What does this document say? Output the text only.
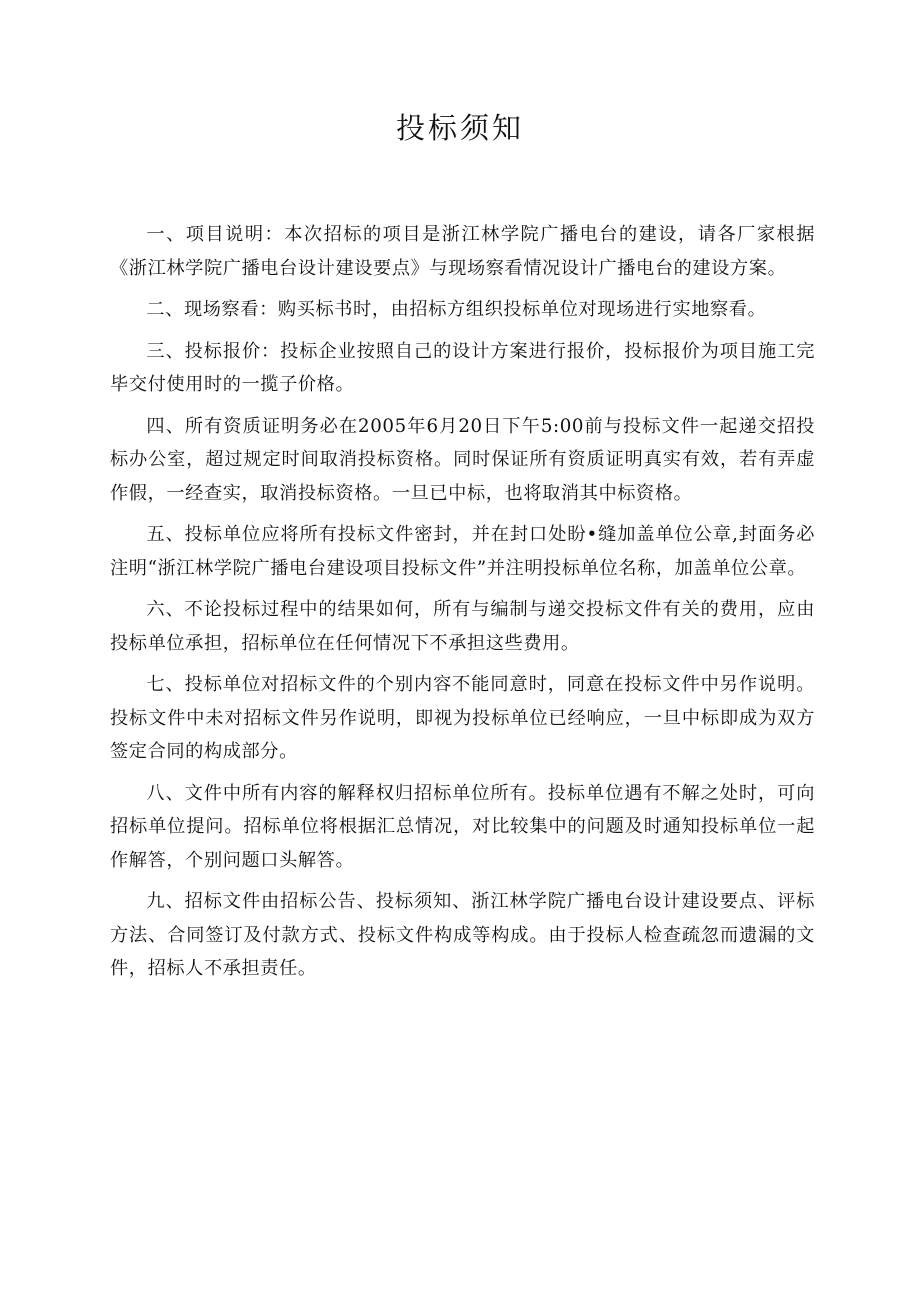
投标须知

一、项目说明：本次招标的项目是浙江林学院广播电台的建设，请各厂家根据《浙江林学院广播电台设计建设要点》与现场察看情况设计广播电台的建设方案。

二、现场察看：购买标书时，由招标方组织投标单位对现场进行实地察看。

三、投标报价：投标企业按照自己的设计方案进行报价，投标报价为项目施工完毕交付使用时的一揽子价格。

四、所有资质证明务必在2005年6月20日下午5:00前与投标文件一起递交招投标办公室，超过规定时间取消投标资格。同时保证所有资质证明真实有效，若有弄虚作假，一经查实，取消投标资格。一旦已中标，也将取消其中标资格。

五、投标单位应将所有投标文件密封，并在封口处盼•缝加盖单位公章,封面务必注明“浙江林学院广播电台建设项目投标文件”并注明投标单位名称，加盖单位公章。

六、不论投标过程中的结果如何，所有与编制与递交投标文件有关的费用，应由投标单位承担，招标单位在任何情况下不承担这些费用。

七、投标单位对招标文件的个别内容不能同意时，同意在投标文件中另作说明。投标文件中未对招标文件另作说明，即视为投标单位已经响应，一旦中标即成为双方签定合同的构成部分。

八、文件中所有内容的解释权归招标单位所有。投标单位遇有不解之处时，可向招标单位提问。招标单位将根据汇总情况，对比较集中的问题及时通知投标单位一起作解答，个别问题口头解答。

九、招标文件由招标公告、投标须知、浙江林学院广播电台设计建设要点、评标方法、合同签订及付款方式、投标文件构成等构成。由于投标人检查疏忽而遗漏的文件，招标人不承担责任。
